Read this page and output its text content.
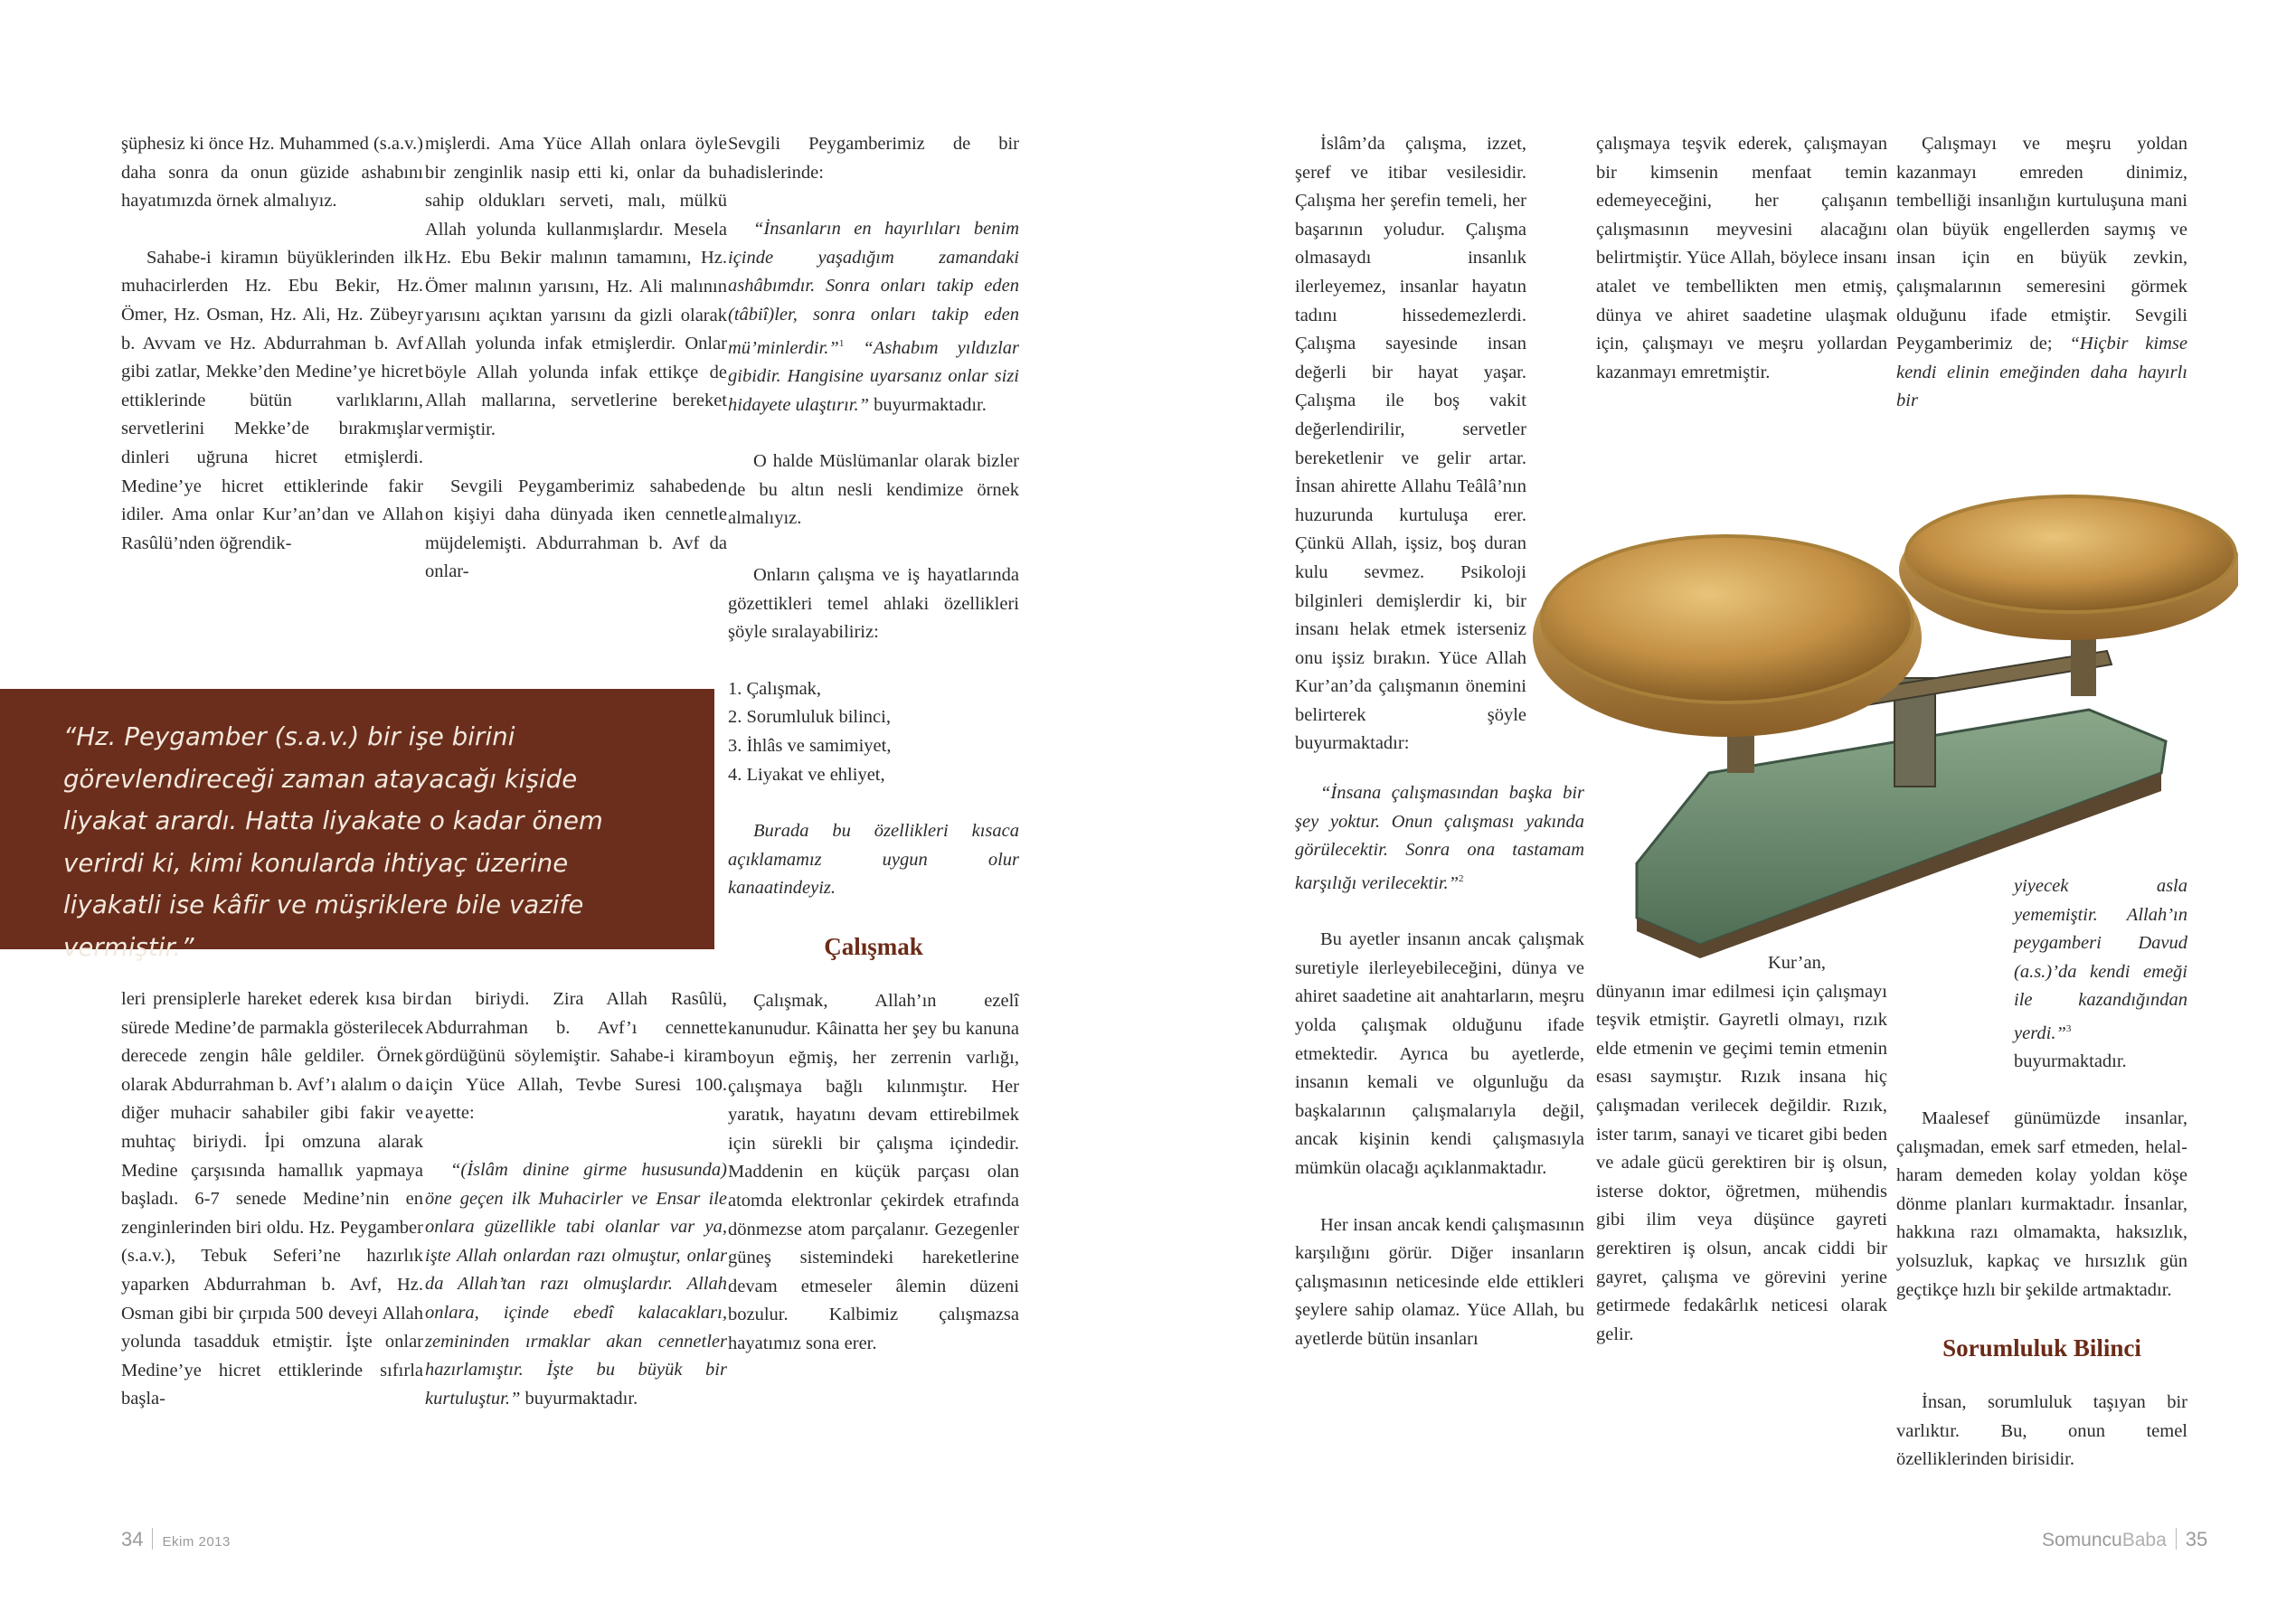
şüphesiz ki önce Hz. Muhammed (s.a.v.) daha sonra da onun güzide ashabını hayatımızda örnek almalıyız.

Sahabe-i kiramın büyüklerinden ilk muhacirlerden Hz. Ebu Bekir, Hz. Ömer, Hz. Osman, Hz. Ali, Hz. Zübeyr b. Avvam ve Hz. Abdurrahman b. Avf gibi zatlar, Mekke’den Medine’ye hicret ettiklerinde bütün varlıklarını, servetlerini Mekke’de bırakmışlar dinleri uğruna hicret etmişlerdi. Medine’ye hicret ettiklerinde fakir idiler. Ama onlar Kur’an’dan ve Allah Rasûlü’nden öğrendik-

mişlerdi. Ama Yüce Allah onlara öyle bir zenginlik nasip etti ki, onlar da bu sahip oldukları serveti, malı, mülkü Allah yolunda kullanmışlardır. Mesela Hz. Ebu Bekir malının tamamını, Hz. Ömer malının yarısını, Hz. Ali malının yarısını açıktan yarısını da gizli olarak Allah yolunda infak etmişlerdir. Onlar böyle Allah yolunda infak ettikçe de Allah mallarına, servetlerine bereket vermiştir.

Sevgili Peygamberimiz sahabeden on kişiyi daha dünyada iken cennetle müjdelemişti. Abdurrahman b. Avf da onlar-

“Hz. Peygamber (s.a.v.) bir işe birini görevlendireceği zaman atayacağı kişide liyakat arardı. Hatta liyakate o kadar önem verirdi ki, kimi konularda ihtiyaç üzerine liyakatli ise kâfir ve müşriklere bile vazife vermiştir.”

leri prensiplerle hareket ederek kısa bir sürede Medine’de parmakla gösterilecek derecede zengin hâle geldiler. Örnek olarak Abdurrahman b. Avf’ı alalım o da diğer muhacir sahabiler gibi fakir ve muhtaç biriydi. İpi omzuna alarak Medine çarşısında hamallık yapmaya başladı. 6-7 senede Medine’nin en zenginlerinden biri oldu. Hz. Peygamber (s.a.v.), Tebuk Seferi’ne hazırlık yaparken Abdurrahman b. Avf, Hz. Osman gibi bir çırpıda 500 deveyi Allah yolunda tasadduk etmiştir. İşte onlar Medine’ye hicret ettiklerinde sıfırla başla-

dan biriydi. Zira Allah Rasûlü, Abdurrahman b. Avf’ı cennette gördüğünü söylemiştir. Sahabe-i kiram için Yüce Allah, Tevbe Suresi 100. ayette:

“(İslâm dinine girme hususunda) öne geçen ilk Muhacirler ve Ensar ile onlara güzellikle tabi olanlar var ya, işte Allah onlardan razı olmuştur, onlar da Allah’tan razı olmuşlardır. Allah onlara, içinde ebedî kalacakları, zemininden ırmaklar akan cennetler hazırlamıştır. İşte bu büyük bir kurtuluştur.” buyurmaktadır.

Sevgili Peygamberimiz de bir hadislerinde:

“İnsanların en hayırlıları benim içinde yaşadığım zamandaki ashâbımdır. Sonra onları takip eden (tâbiî)ler, sonra onları takip eden mü’minlerdir.”$^1$ “Ashabım yıldızlar gibidir. Hangisine uyarsanız onlar sizi hidayete ulaştırır.” buyurmaktadır.

O halde Müslümanlar olarak bizler de bu altın nesli kendimize örnek almalıyız.

Onların çalışma ve iş hayatlarında gözettikleri temel ahlaki özellikleri şöyle sıralayabiliriz:

1. Çalışmak,
2. Sorumluluk bilinci,
3. İhlâs ve samimiyet,
4. Liyakat ve ehliyet,

Burada bu özellikleri kısaca açıklamamız uygun olur kanaatindeyiz.

Çalışmak

Çalışmak, Allah’ın ezelî kanunudur. Kâinatta her şey bu kanuna boyun eğmiş, her zerrenin varlığı, çalışmaya bağlı kılınmıştır. Her yaratık, hayatını devam ettirebilmek için sürekli bir çalışma içindedir. Maddenin en küçük parçası olan atomda elektronlar çekirdek etrafında dönmezse atom parçalanır. Gezegenler güneş sistemindeki hareketlerine devam etmeseler âlemin düzeni bozulur. Kalbimiz çalışmazsa hayatımız sona erer.

34 Ekim 2013

İslâm’da çalışma, izzet, şeref ve itibar vesilesidir. Çalışma her şerefin temeli, her başarının yoludur. Çalışma olmasaydı insanlık ilerleyemez, insanlar hayatın tadını hissedemezlerdi. Çalışma sayesinde insan değerli bir hayat yaşar. Çalışma ile boş vakit değerlendirilir, servetler bereketlenir ve gelir artar. İnsan ahirette Allahu Teâlâ’nın huzurunda kurtuluşa erer. Çünkü Allah, işsiz, boş duran kulu sevmez. Psikoloji bilginleri demişlerdir ki, bir insanı helak etmek isterseniz onu işsiz bırakın. Yüce Allah Kur’an’da çalışmanın önemini belirterek şöyle buyurmaktadır:

“İnsana çalışmasından başka bir şey yoktur. Onun çalışması yakında görülecektir. Sonra ona tastamam karşılığı verilecektir.”$^2$

Bu ayetler insanın ancak çalışmak suretiyle ilerleyebileceğini, dünya ve ahiret saadetine ait anahtarların, meşru yolda çalışmak olduğunu ifade etmektedir. Ayrıca bu ayetlerde, insanın kemali ve olgunluğu da başkalarının çalışmalarıyla değil, ancak kişinin kendi çalışmasıyla mümkün olacağı açıklanmaktadır.

Her insan ancak kendi çalışmasının karşılığını görür. Diğer insanların çalışmasının neticesinde elde ettikleri şeylere sahip olamaz. Yüce Allah, bu ayetlerde bütün insanları

çalışmaya teşvik ederek, çalışmayan bir kimsenin menfaat temin edemeyeceğini, her çalışanın çalışmasının meyvesini alacağını belirtmiştir. Yüce Allah, böylece insanı atalet ve tembellikten men etmiş, dünya ve ahiret saadetine ulaşmak için, çalışmayı ve meşru yollardan kazanmayı emretmiştir.

Kur’an, dünyanın imar edilmesi için çalışmayı teşvik etmiştir. Gayretli olmayı, rızık elde etmenin ve geçimi temin etmenin esası saymıştır. Rızık insana hiç çalışmadan verilecek değildir. Rızık, ister tarım, sanayi ve ticaret gibi beden ve adale gücü gerektiren bir iş olsun, isterse doktor, öğretmen, mühendis gibi ilim veya düşünce gayreti gerektiren iş olsun, ancak ciddi bir gayret, çalışma ve görevini yerine getirmede fedakârlık neticesi olarak gelir.

Çalışmayı ve meşru yoldan kazanmayı emreden dinimiz, tembelliği insanlığın kurtuluşuna mani olan büyük engellerden saymış ve insan için en büyük zevkin, çalışmalarının semeresini görmek olduğunu ifade etmiştir. Sevgili Peygamberimiz de; “Hiçbir kimse kendi elinin emeğinden daha hayırlı bir

yiyecek asla yememiştir. Allah’ın peygamberi Davud (a.s.)’da kendi emeği ile kazandığından yerdi.”$^3$ buyurmaktadır.

Maalesef günümüzde insanlar, çalışmadan, emek sarf etmeden, helal-haram demeden kolay yoldan köşe dönme planları kurmaktadır. İnsanlar, hakkına razı olmamakta, haksızlık, yolsuzluk, kapkaç ve hırsızlık gün geçtikçe hızlı bir şekilde artmaktadır.

Sorumluluk Bilinci

İnsan, sorumluluk taşıyan bir varlıktır. Bu, onun temel özelliklerinden birisidir.

SomuncuBaba 35
